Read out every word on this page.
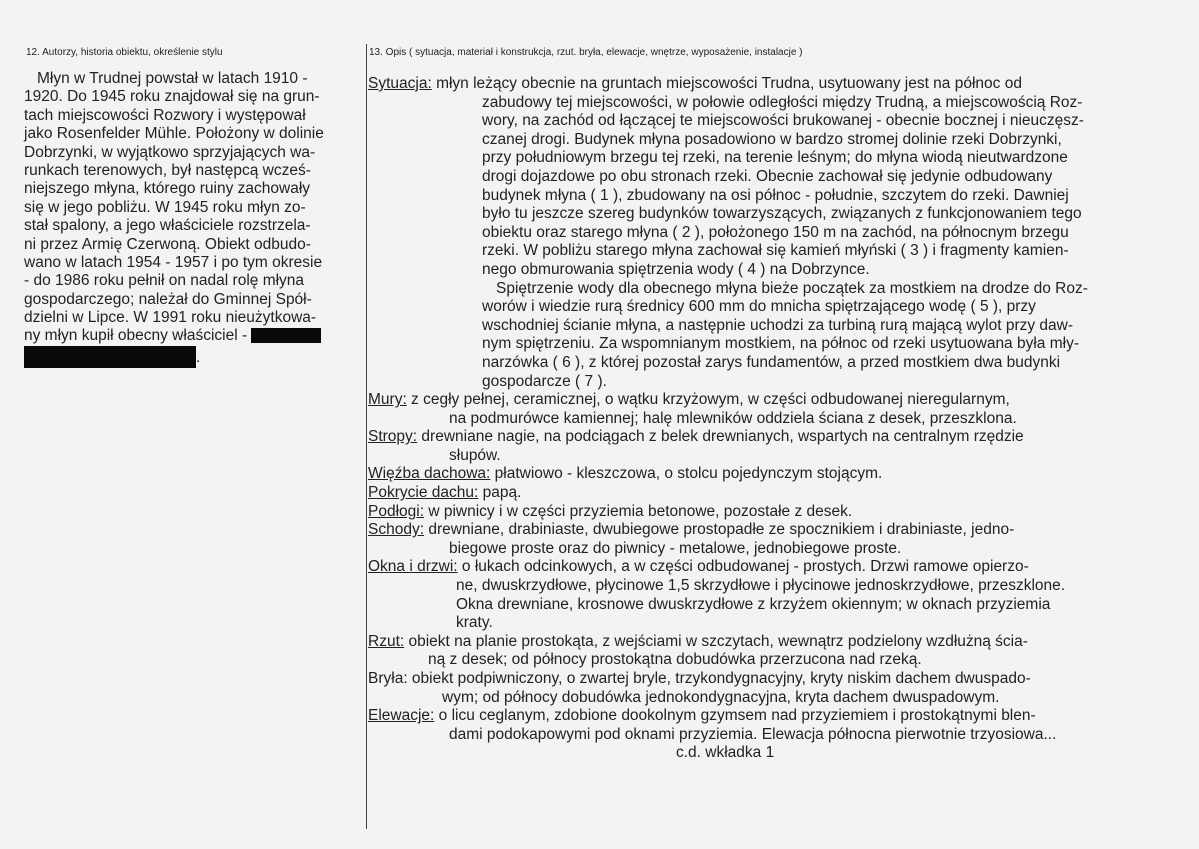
12. Autorzy, historia obiektu, określenie stylu	13. Opis ( sytuacja, materiał i konstrukcja, rzut. bryła, elewacje, wnętrze, wyposażenie, instalacje )
Młyn w Trudnej powstał w latach 1910 -
1920. Do 1945 roku znajdował się na grun-
tach miejscowości Rozwory i występował
jako Rosenfelder Mühle. Położony w dolinie
Dobrzynki, w wyjątkowo sprzyjających wa-
runkach terenowych, był następcą wcześ-
niejszego młyna, którego ruiny zachowały
się w jego pobliżu. W 1945 roku młyn zo-
stał spalony, a jego właściciele rozstrzela-
ni przez Armię Czerwoną. Obiekt odbudo-
wano w latach 1954 - 1957 i po tym okresie
- do 1986 roku pełnił on nadal rolę młyna
gospodarczego; należał do Gminnej Spół-
dzielni w Lipce. W 1991 roku nieużytkowa-
ny młyn kupił obecny właściciel -
.
Sytuacja: młyn leżący obecnie na gruntach miejscowości Trudna, usytuowany jest na północ od
zabudowy tej miejscowości, w połowie odległości między Trudną, a miejscowością Roz-
wory, na zachód od łączącej te miejscowości brukowanej - obecnie bocznej i nieuczęsz-
czanej drogi. Budynek młyna posadowiono w bardzo stromej dolinie rzeki Dobrzynki,
przy południowym brzegu tej rzeki, na terenie leśnym; do młyna wiodą nieutwardzone
drogi dojazdowe po obu stronach rzeki. Obecnie zachował się jedynie odbudowany
budynek młyna ( 1 ), zbudowany na osi północ - południe, szczytem do rzeki. Dawniej
było tu jeszcze szereg budynków towarzyszących, związanych z funkcjonowaniem tego
obiektu oraz starego młyna ( 2 ), położonego 150 m na zachód, na północnym brzegu
rzeki. W pobliżu starego młyna zachował się kamień młyński ( 3 ) i fragmenty kamien-
nego obmurowania spiętrzenia wody ( 4 ) na Dobrzynce.
Spiętrzenie wody dla obecnego młyna bieże początek za mostkiem na drodze do Roz-
worów i wiedzie rurą średnicy 600 mm do mnicha spiętrzającego wodę ( 5 ), przy
wschodniej ścianie młyna, a następnie uchodzi za turbiną rurą mającą wylot przy daw-
nym spiętrzeniu. Za wspomnianym mostkiem, na północ od rzeki usytuowana była mły-
narzówka ( 6 ), z której pozostał zarys fundamentów, a przed mostkiem dwa budynki
gospodarcze ( 7 ).
Mury: z cegły pełnej, ceramicznej, o wątku krzyżowym, w części odbudowanej nieregularnym,
na podmurówce kamiennej; halę mlewników oddziela ściana z desek, przeszklona.
Stropy: drewniane nagie, na podciągach z belek drewnianych, wspartych na centralnym rzędzie
słupów.
Więźba dachowa: płatwiowo - kleszczowa, o stolcu pojedynczym stojącym.
Pokrycie dachu: papą.
Podłogi: w piwnicy i w części przyziemia betonowe, pozostałe z desek.
Schody: drewniane, drabiniaste, dwubiegowe prostopadłe ze spocznikiem i drabiniaste, jedno-
biegowe proste oraz do piwnicy - metalowe, jednobiegowe proste.
Okna i drzwi: o łukach odcinkowych, a w części odbudowanej - prostych. Drzwi ramowe opierzo-
ne, dwuskrzydłowe, płycinowe 1,5 skrzydłowe i płycinowe jednoskrzydłowe, przeszklone.
Okna drewniane, krosnowe dwuskrzydłowe z krzyżem okiennym; w oknach przyziemia
kraty.
Rzut: obiekt na planie prostokąta, z wejściami w szczytach, wewnątrz podzielony wzdłużną ścia-
ną z desek; od północy prostokątna dobudówka przerzucona nad rzeką.
Bryła: obiekt podpiwniczony, o zwartej bryle, trzykondygnacyjny, kryty niskim dachem dwuspado-
wym; od północy dobudówka jednokondygnacyjna, kryta dachem dwuspadowym.
Elewacje: o licu ceglanym, zdobione dookolnym gzymsem nad przyziemiem i prostokątnymi blen-
dami podokapowymi pod oknami przyziemia. Elewacja północna pierwotnie trzyosiowa...
c.d. wkładka 1
